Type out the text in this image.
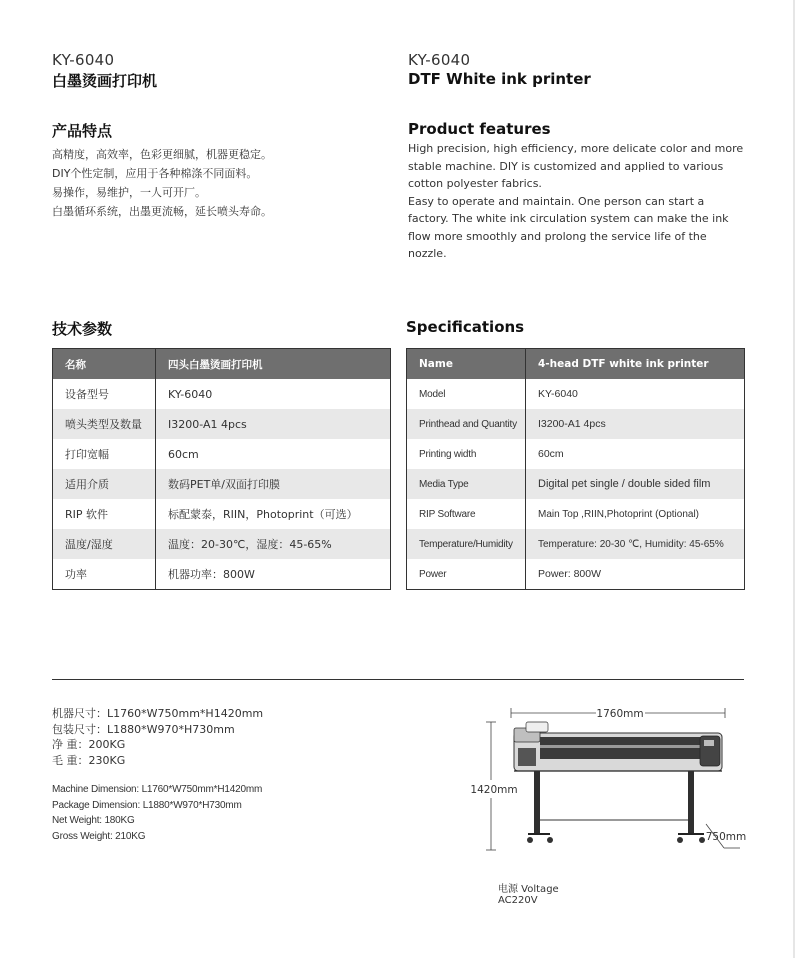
KY-6040
白墨烫画打印机
产品特点
高精度，高效率，色彩更细腻，机器更稳定。
DIY个性定制，应用于各种棉涤不同面料。
易操作，易维护，一人可开厂。
白墨循环系统，出墨更流畅，延长喷头寿命。
技术参数
名称	四头白墨烫画打印机
设备型号	KY-6040
喷头类型及数量	I3200-A1 4pcs
打印宽幅	60cm
适用介质	数码PET单/双面打印膜
RIP 软件	标配蒙泰，RIIN，Photoprint（可选）
温度/湿度	温度：20-30℃，湿度：45-65%
功率	机器功率：800W
KY-6040
DTF White ink printer
Product features
High precision, high efficiency, more delicate color and more
stable machine. DIY is customized and applied to various
cotton polyester fabrics.
Easy to operate and maintain. One person can start a
factory. The white ink circulation system can make the ink
flow more smoothly and prolong the service life of the
nozzle.
Specifications
Name	4-head DTF white ink printer
Model	KY-6040
Printhead and Quantity	I3200-A1 4pcs
Printing width	60cm
Media Type	Digital pet single / double sided film
RIP Software	Main Top ,RIIN,Photoprint (Optional)
Temperature/Humidity	Temperature: 20-30 ℃, Humidity: 45-65%
Power	Power: 800W
机器尺寸：L1760*W750mm*H1420mm
包装尺寸：L1880*W970*H730mm
净 重：200KG
毛 重：230KG
Machine Dimension: L1760*W750mm*H1420mm
Package Dimension: L1880*W970*H730mm
Net Weight: 180KG
Gross Weight: 210KG
1760mm
1420mm
750mm
电源 Voltage
AC220V
